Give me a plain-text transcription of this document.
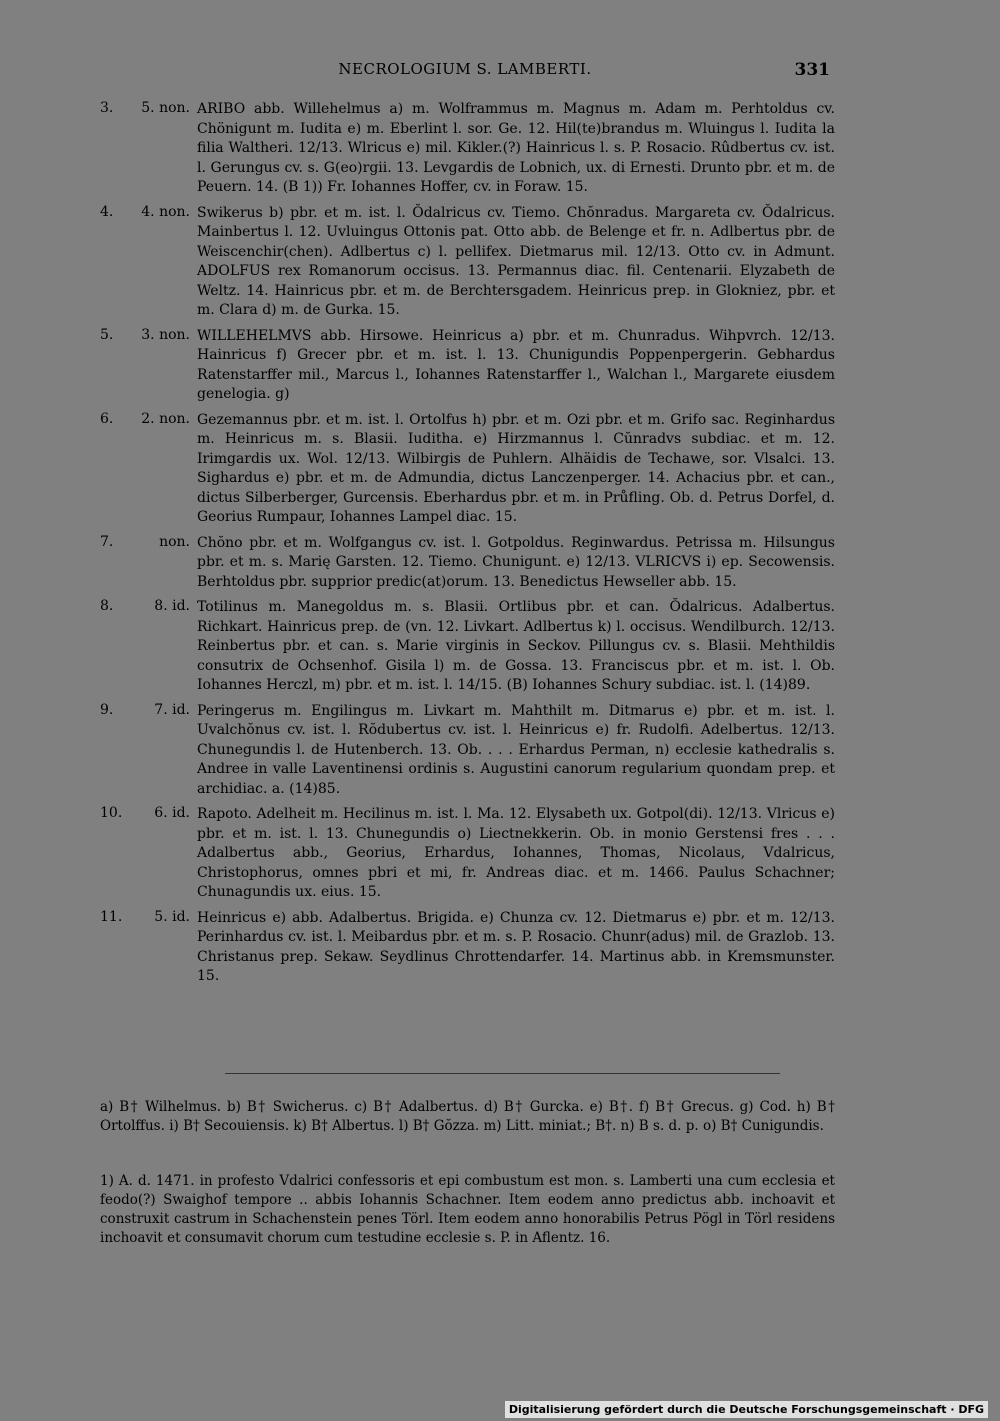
NECROLOGIUM S. LAMBERTI.	331
3.	5. non. ARIBO abb. Willehelmus a) m. Wolframmus m. Magnus m. Adam m. Perhtoldus cv. Chönigunt m. Iudita e) m. Eberlint l. sor. Ge. 12. Hil(te)brandus m. Wluingus l. Iudita la filia Waltheri. 12/13. Wlricus e) mil. Kikler.(?) Hainricus l. s. P. Rosacio. Rûdbertus cv. ist. l. Gerungus cv. s. G(eo)rgii. 13. Levgardis de Lobnich, ux. di Ernesti. Drunto pbr. et m. de Peuern. 14. (B 1)) Fr. Iohannes Hoffer, cv. in Foraw. 15.
4.	4. non. Swikerus b) pbr. et m. ist. l. Ŏdalricus cv. Tiemo. Chŏnradus. Margareta cv. Ŏdalricus. Mainbertus l. 12. Uvluingus Ottonis pat. Otto abb. de Belenge et fr. n. Adlbertus pbr. de Weiscenchir(chen). Adlbertus c) l. pellifex. Dietmarus mil. 12/13. Otto cv. in Admunt. ADOLFUS rex Romanorum occisus. 13. Permannus diac. fil. Centenarii. Elyzabeth de Weltz. 14. Hainricus pbr. et m. de Berchtersgadem. Heinricus prep. in Glokniez, pbr. et m. Clara d) m. de Gurka. 15.
5.	3. non. WILLEHELMVS abb. Hirsowe. Heinricus a) pbr. et m. Chunradus. Wihpvrch. 12/13. Hainricus f) Grecer pbr. et m. ist. l. 13. Chunigundis Poppenpergerin. Gebhardus Ratenstarffer mil., Marcus l., Iohannes Ratenstarffer l., Walchan l., Margarete eiusdem genelogia. g)
6.	2. non. Gezemannus pbr. et m. ist. l. Ortolfus h) pbr. et m. Ozi pbr. et m. Grifo sac. Reginhardus m. Heinricus m. s. Blasii. Iuditha. e) Hirzmannus l. Cŭnradvs subdiac. et m. 12. Irimgardis ux. Wol. 12/13. Wilbirgis de Puhlern. Alhäidis de Techawe, sor. Vlsalci. 13. Sighardus e) pbr. et m. de Admundia, dictus Lanczenperger. 14. Achacius pbr. et can., dictus Silberberger, Gurcensis. Eberhardus pbr. et m. in Průfling. Ob. d. Petrus Dorfel, d. Georius Rumpaur, Iohannes Lampel diac. 15.
7.	non. Chŏno pbr. et m. Wolfgangus cv. ist. l. Gotpoldus. Reginwardus. Petrissa m. Hilsungus pbr. et m. s. Marię Garsten. 12. Tiemo. Chunigunt. e) 12/13. VLRICVS i) ep. Secowensis. Berhtoldus pbr. supprior predic(at)orum. 13. Benedictus Hewseller abb. 15.
8.	8. id. Totilinus m. Manegoldus m. s. Blasii. Ortlibus pbr. et can. Ŏdalricus. Adalbertus. Richkart. Hainricus prep. de (vn. 12. Livkart. Adlbertus k) l. occisus. Wendilburch. 12/13. Reinbertus pbr. et can. s. Marie virginis in Seckov. Pillungus cv. s. Blasii. Mehthildis consutrix de Ochsenhof. Gisila l) m. de Gossa. 13. Franciscus pbr. et m. ist. l. Ob. Iohannes Herczl, m) pbr. et m. ist. l. 14/15. (B) Iohannes Schury subdiac. ist. l. (14)89.
9.	7. id. Peringerus m. Engilingus m. Livkart m. Mahthilt m. Ditmarus e) pbr. et m. ist. l. Uvalchŏnus cv. ist. l. Rŏdubertus cv. ist. l. Heinricus e) fr. Rudolfi. Adelbertus. 12/13. Chunegundis l. de Hutenberch. 13. Ob. . . . Erhardus Perman, n) ecclesie kathedralis s. Andree in valle Laventinensi ordinis s. Augustini canorum regularium quondam prep. et archidiac. a. (14)85.
10.	6. id. Rapoto. Adelheit m. Hecilinus m. ist. l. Ma. 12. Elysabeth ux. Gotpol(di). 12/13. Vlricus e) pbr. et m. ist. l. 13. Chunegundis o) Liectnekkerin. Ob. in monio Gerstensi fres . . . Adalbertus abb., Georius, Erhardus, Iohannes, Thomas, Nicolaus, Vdalricus, Christophorus, omnes pbri et mi, fr. Andreas diac. et m. 1466. Paulus Schachner; Chunagundis ux. eius. 15.
11.	5. id. Heinricus e) abb. Adalbertus. Brigida. e) Chunza cv. 12. Dietmarus e) pbr. et m. 12/13. Perinhardus cv. ist. l. Meibardus pbr. et m. s. P. Rosacio. Chunr(adus) mil. de Grazlob. 13. Christanus prep. Sekaw. Seydlinus Chrottendarfer. 14. Martinus abb. in Kremsmunster. 15.
a) B† Wilhelmus. b) B† Swicherus. c) B† Adalbertus. d) B† Gurcka. e) B†. f) B† Grecus. g) Cod. h) B† Ortolffus. i) B† Secouiensis. k) B† Albertus. l) B† Gŏzza. m) Litt. miniat.; B†. n) B s. d. p. o) B† Cunigundis.
1) A. d. 1471. in profesto Vdalrici confessoris et epi combustum est mon. s. Lamberti una cum ecclesia et feodo(?) Swaighof tempore .. abbis Iohannis Schachner. Item eodem anno predictus abb. inchoavit et construxit castrum in Schachenstein penes Törl. Item eodem anno honorabilis Petrus Pögl in Törl residens inchoavit et consumavit chorum cum testudine ecclesie s. P. in Aflentz. 16.
Digitalisierung gefördert durch die Deutsche Forschungsgemeinschaft · DFG
